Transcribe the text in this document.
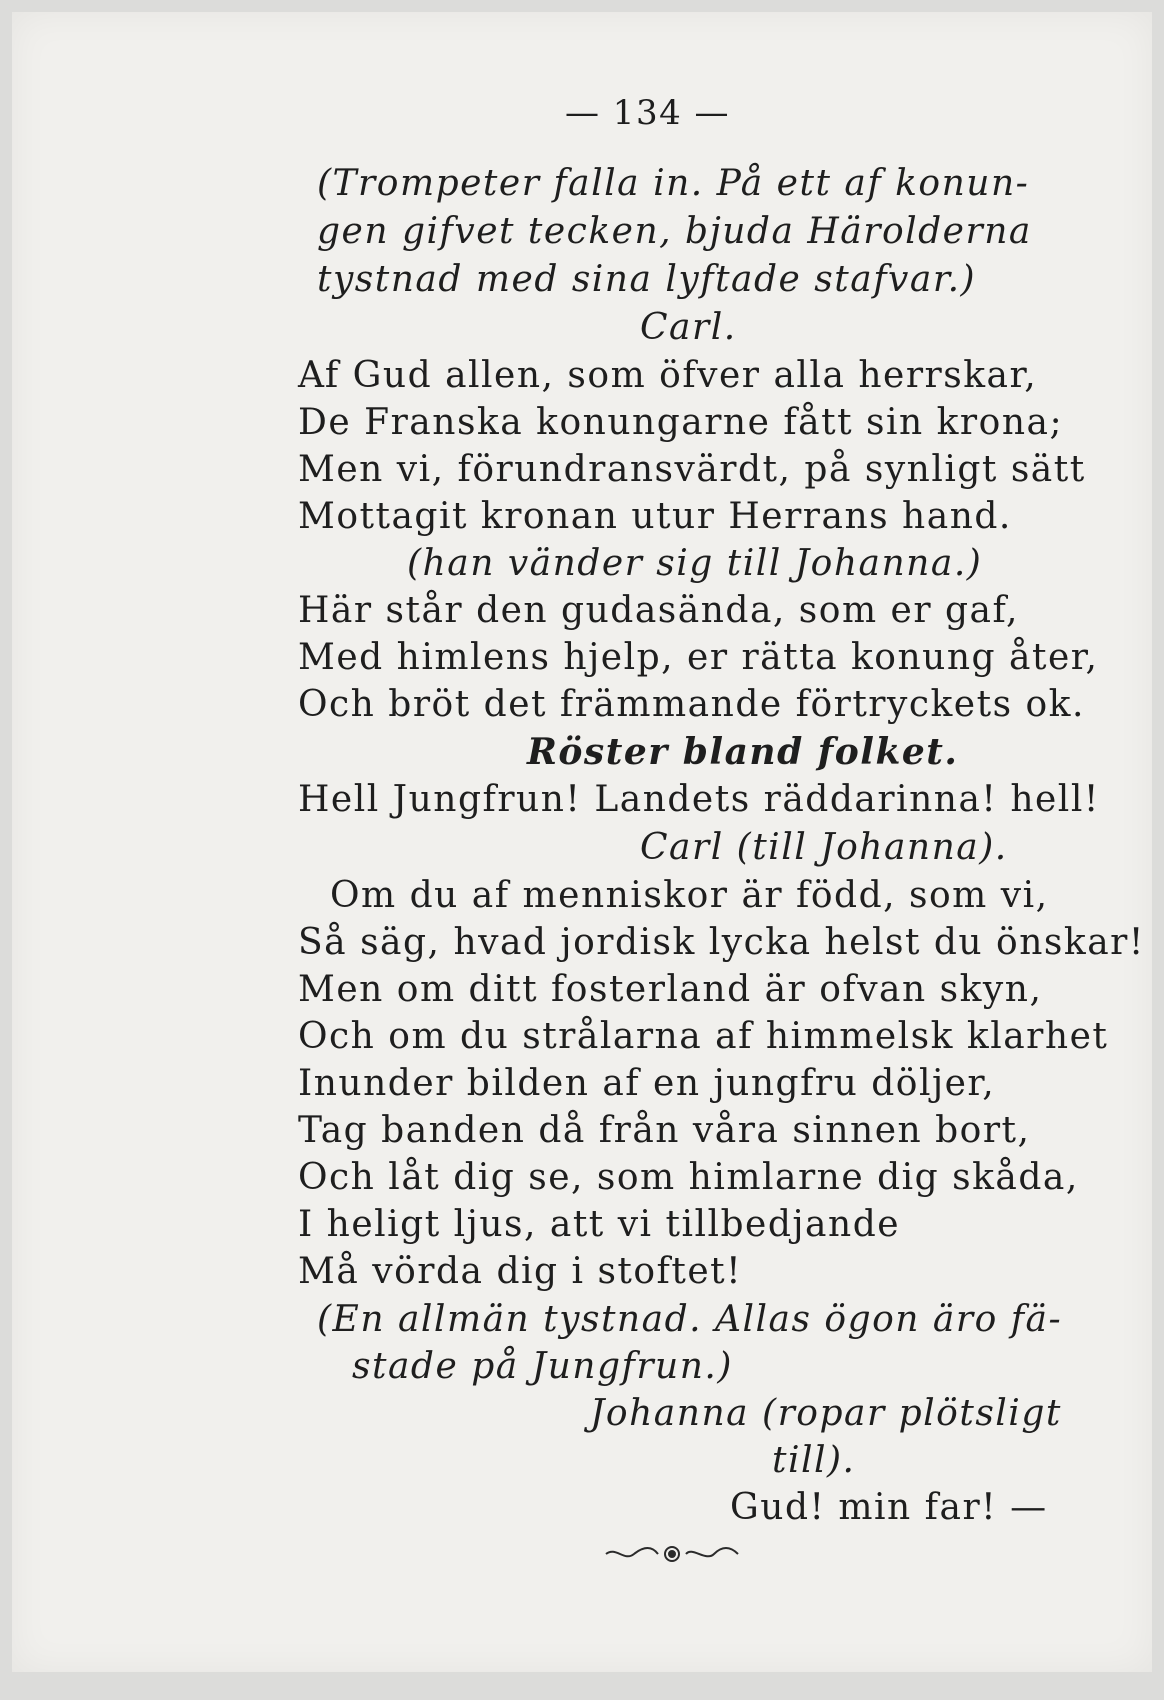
— 134 —
(Trompeter falla in. På ett af konun-
gen gifvet tecken, bjuda Häroldernа
tystnad med sina lyftade stafvar.)
Carl.
Af Gud allen, som öfver alla herrskar,
De Franska konungarne fått sin krona;
Men vi, förundransvärdt, på synligt sätt
Mottagit kronan utur Herrans hand.
(han vänder sig till Johanna.)
Här står den gudasända, som er gaf,
Med himlens hjelp, er rätta konung åter,
Och bröt det främmande förtryckets ok.
Röster bland folket.
Hell Jungfrun! Landets räddarinna! hell!
Carl (till Johanna).
Om du af menniskor är född, som vi,
Så säg, hvad jordisk lycka helst du önskar!
Men om ditt fosterland är ofvan skyn,
Och om du strålarna af himmelsk klarhet
Inunder bilden af en jungfru döljer,
Tag banden då från våra sinnen bort,
Och låt dig se, som himlarne dig skåda,
I heligt ljus, att vi tillbedjande
Må vörda dig i stoftet!
(En allmän tystnad. Allas ögon äro fä-
stade på Jungfrun.)
Johanna (ropar plötsligt
till).
Gud! min far! —
